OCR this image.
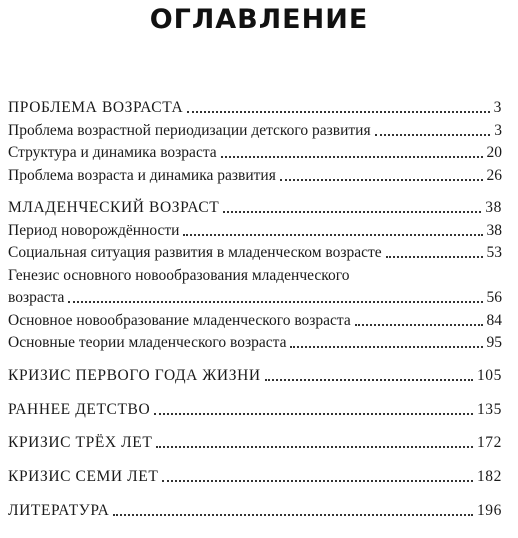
ОГЛАВЛЕНИЕ
ПРОБЛЕМА ВОЗРАСТА	3
Проблема возрастной периодизации детского развития	3
Структура и динамика возраста	20
Проблема возраста и динамика развития	26
МЛАДЕНЧЕСКИЙ ВОЗРАСТ	38
Период новорождённости	38
Социальная ситуация развития в младенческом возрасте	53
Генезис основного новообразования младенческого
возраста	56
Основное новообразование младенческого возраста	84
Основные теории младенческого возраста	95
КРИЗИС ПЕРВОГО ГОДА ЖИЗНИ	105
РАННЕЕ ДЕТСТВО	135
КРИЗИС ТРЁХ ЛЕТ	172
КРИЗИС СЕМИ ЛЕТ	182
ЛИТЕРАТУРА	196
